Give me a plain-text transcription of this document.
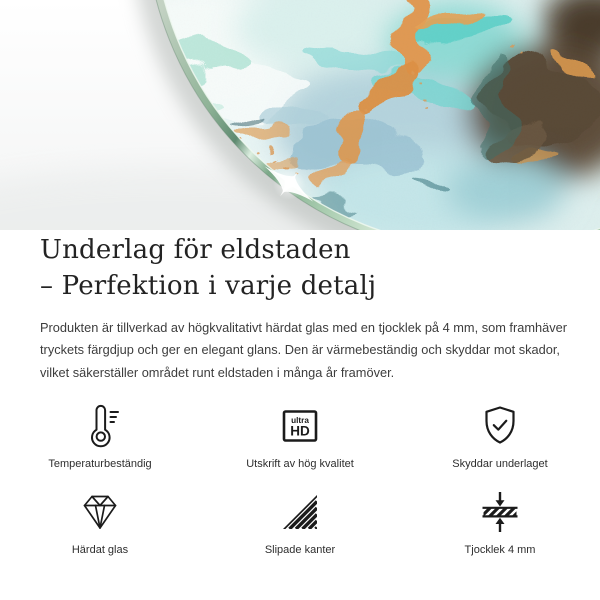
Underlag för eldstaden
– Perfektion i varje detalj

Produkten är tillverkad av högkvalitativt härdat glas med en tjocklek på 4 mm, som framhäver
tryckets färgdjup och ger en elegant glans. Den är värmebeständig och skyddar mot skador,
vilket säkerställer området runt eldstaden i många år framöver.

Temperaturbeständig
ultra
HD
Utskrift av hög kvalitet	Skyddar underlaget
Härdat glas	Slipade kanter	Tjocklek 4 mm
